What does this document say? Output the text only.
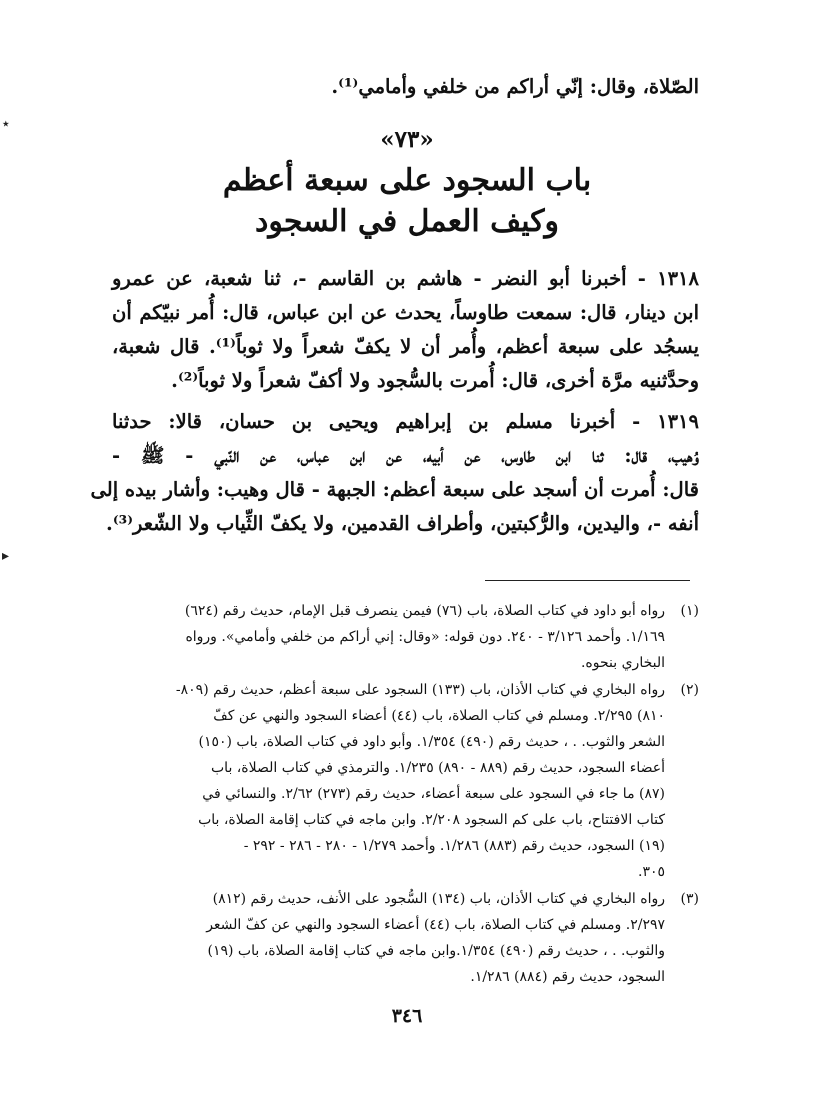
٭
▸
الصّلاة، وقال: إنّي أراكم من خلفي وأمامي⁽¹⁾.
«٧٣»
باب السجود على سبعة أعظم
وكيف العمل في السجود
١٣١٨ - أخبرنا أبو النضر - هاشم بن القاسم -، ثنا شعبة، عن عمرو
ابن دينار، قال: سمعت طاوساً، يحدث عن ابن عباس، قال: أُمر نبيّكم أن
يسجُد على سبعة أعظم، وأُمر أن لا يكفّ شعراً ولا ثوباً⁽¹⁾. قال شعبة،
وحدَّثنيه مرَّة أخرى، قال: أُمرت بالسُّجود ولا أكفّ شعراً ولا ثوباً⁽²⁾.
١٣١٩ - أخبرنا مسلم بن إبراهيم ويحيى بن حسان، قالا: حدثنا
وُهيب، قال: ثنا ابن طاوس، عن أبيه، عن ابن عباس، عن النّبي - ﷺ -
قال: أُمرت أن أسجد على سبعة أعظم: الجبهة - قال وهيب: وأشار بيده إلى
أنفه -، واليدين، والرُّكبتين، وأطراف القدمين، ولا يكفّ الثِّياب ولا الشّعر⁽³⁾.
(١)رواه أبو داود في كتاب الصلاة، باب (٧٦) فيمن ينصرف قبل الإمام، حديث رقم (٦٢٤)
١/١٦٩. وأحمد ٣/١٢٦ - ٢٤٠. دون قوله: «وقال: إني أراكم من خلفي وأمامي». ورواه
البخاري بنحوه.
(٢)رواه البخاري في كتاب الأذان، باب (١٣٣) السجود على سبعة أعظم، حديث رقم (٨٠٩-
٨١٠) ٢/٢٩٥. ومسلم في كتاب الصلاة، باب (٤٤) أعضاء السجود والنهي عن كفّ
الشعر والثوب. . ، حديث رقم (٤٩٠) ١/٣٥٤. وأبو داود في كتاب الصلاة، باب (١٥٠)
أعضاء السجود، حديث رقم (٨٨٩ - ٨٩٠) ١/٢٣٥. والترمذي في كتاب الصلاة، باب
(٨٧) ما جاء في السجود على سبعة أعضاء، حديث رقم (٢٧٣) ٢/٦٢. والنسائي في
كتاب الافتتاح، باب على كم السجود ٢/٢٠٨. وابن ماجه في كتاب إقامة الصلاة، باب
(١٩) السجود، حديث رقم (٨٨٣) ١/٢٨٦. وأحمد ١/٢٧٩ - ٢٨٠ - ٢٨٦ - ٢٩٢ -
٣٠٥.
(٣)رواه البخاري في كتاب الأذان، باب (١٣٤) السُّجود على الأنف، حديث رقم (٨١٢)
٢/٢٩٧. ومسلم في كتاب الصلاة، باب (٤٤) أعضاء السجود والنهي عن كفّ الشعر
والثوب. . ، حديث رقم (٤٩٠) ١/٣٥٤.وابن ماجه في كتاب إقامة الصلاة، باب (١٩)
السجود، حديث رقم (٨٨٤) ١/٢٨٦.
٣٤٦
